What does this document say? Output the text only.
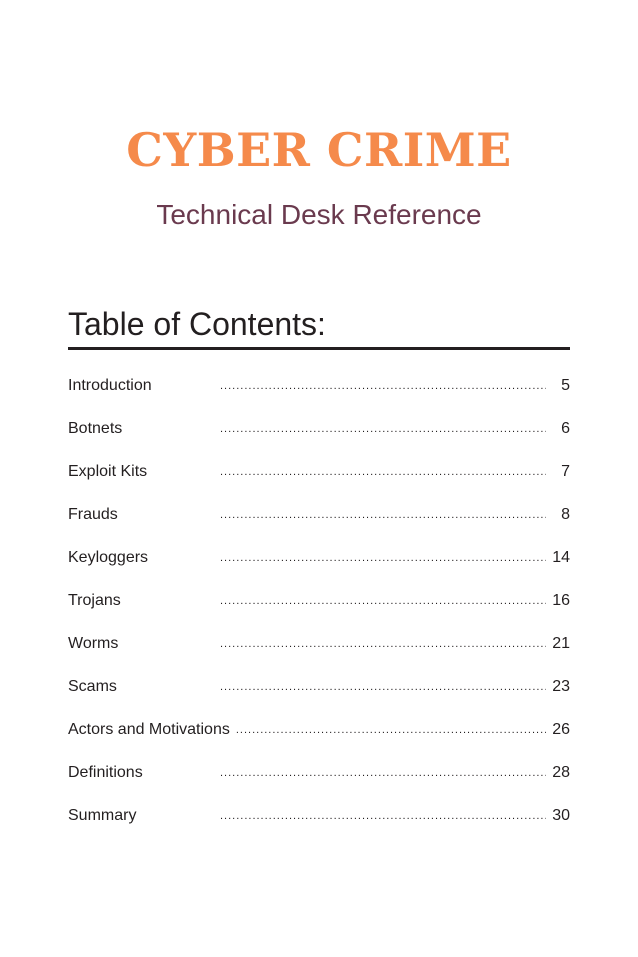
CYBER CRIME
Technical Desk Reference
Table of Contents:
Introduction .....	5
Botnets .....	6
Exploit Kits .....	7
Frauds .....	8
Keyloggers .....	14
Trojans .....	16
Worms .....	21
Scams .....	23
Actors and Motivations .....	26
Definitions .....	28
Summary .....	30
